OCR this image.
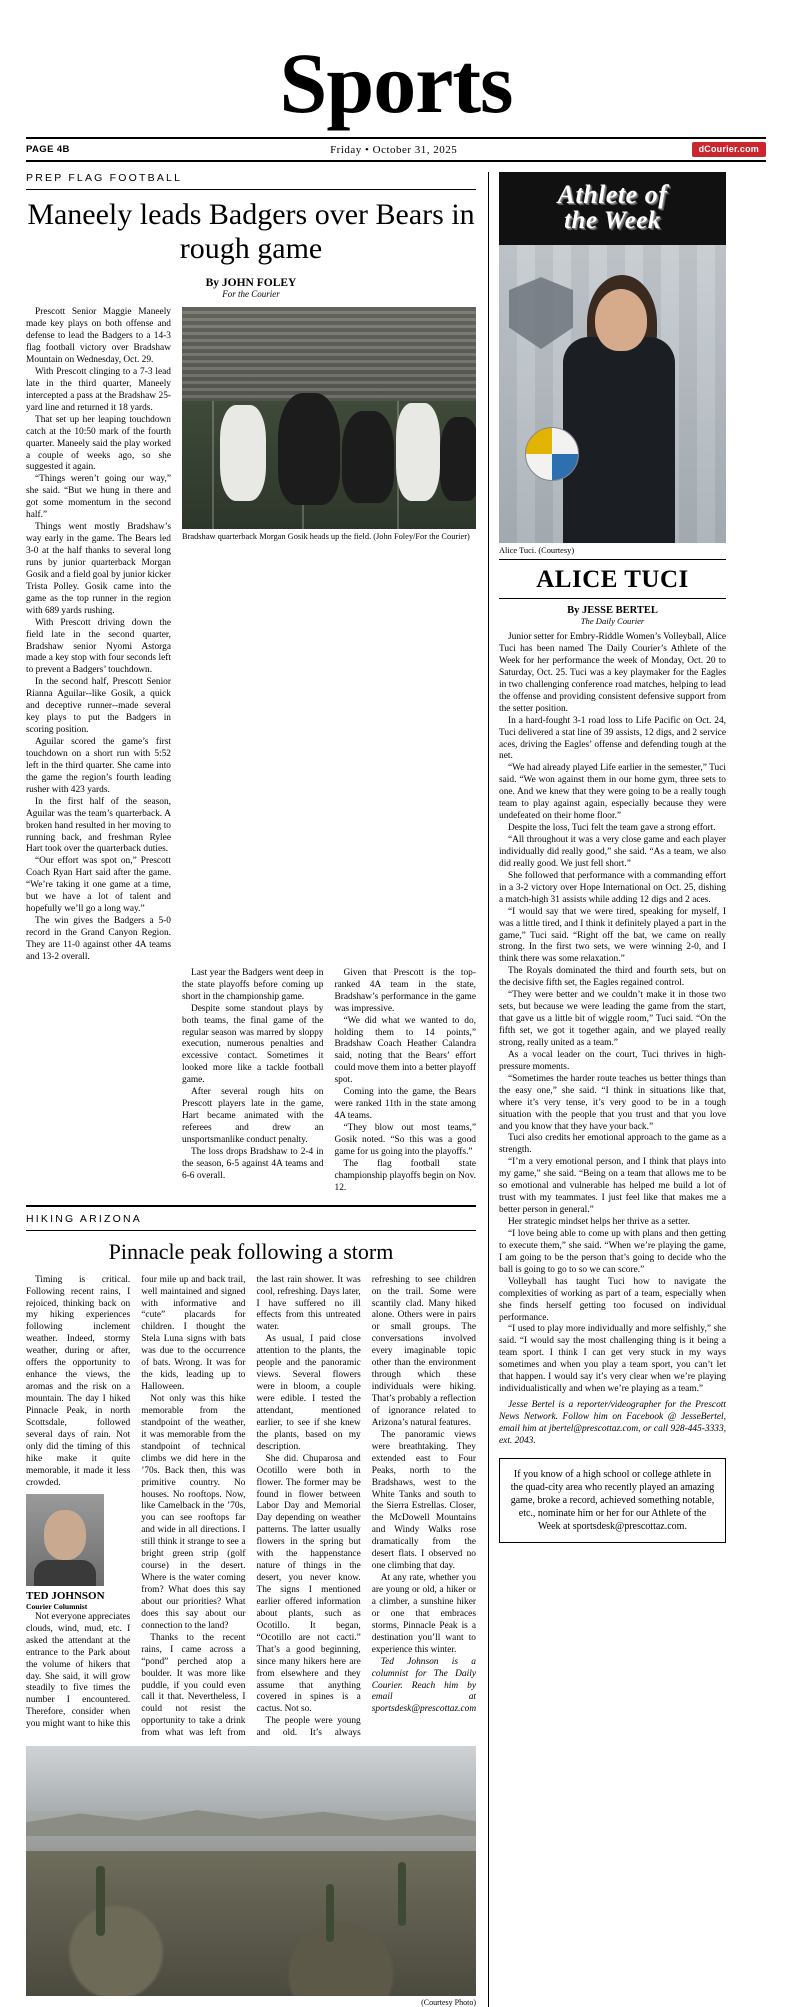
Sports
PAGE 4B	Friday • October 31, 2025	dCourier.com
PREP FLAG FOOTBALL
Maneely leads Badgers over Bears in rough game
By JOHN FOLEY
For the Courier

Prescott Senior Maggie Maneely made key plays on both offense and defense to lead the Badgers to a 14-3 flag football victory over Bradshaw Mountain on Wednesday, Oct. 29.

With Prescott clinging to a 7-3 lead late in the third quarter, Maneely intercepted a pass at the Bradshaw 25-yard line and returned it 18 yards.

That set up her leaping touchdown catch at the 10:50 mark of the fourth quarter. Maneely said the play worked a couple of weeks ago, so she suggested it again.

“Things weren’t going our way,” she said. “But we hung in there and got some momentum in the second half.”

Things went mostly Bradshaw’s way early in the game. The Bears led 3-0 at the half thanks to several long runs by junior quarterback Morgan Gosik and a field goal by junior kicker Trista Polley. Gosik came into the game as the top runner in the region with 689 yards rushing.

With Prescott driving down the field late in the second quarter, Bradshaw senior Nyomi Astorga made a key stop with four seconds left to prevent a Badgers’ touchdown.

In the second half, Prescott Senior Rianna Aguilar--like Gosik, a quick and deceptive runner--made several key plays to put the Badgers in scoring position.

Aguilar scored the game’s first touchdown on a short run with 5:52 left in the third quarter. She came into the game the region’s fourth leading rusher with 423 yards.

In the first half of the season, Aguilar was the team’s quarterback. A broken hand resulted in her moving to running back, and freshman Rylee Hart took over the quarterback duties.

“Our effort was spot on,” Prescott Coach Ryan Hart said after the game. “We’re taking it one game at a time, but we have a lot of talent and hopefully we’ll go a long way.”

The win gives the Badgers a 5-0 record in the Grand Canyon Region. They are 11-0 against other 4A teams and 13-2 overall.

Bradshaw quarterback Morgan Gosik heads up the field. (John Foley/For the Courier)

Last year the Badgers went deep in the state playoffs before coming up short in the championship game.

Despite some standout plays by both teams, the final game of the regular season was marred by sloppy execution, numerous penalties and excessive contact. Sometimes it looked more like a tackle football game.

After several rough hits on Prescott players late in the game, Hart became animated with the referees and drew an unsportsmanlike conduct penalty.

The loss drops Bradshaw to 2-4 in the season, 6-5 against 4A teams and 6-6 overall.

Given that Prescott is the top-ranked 4A team in the state, Bradshaw’s performance in the game was impressive.

“We did what we wanted to do, holding them to 14 points,” Bradshaw Coach Heather Calandra said, noting that the Bears’ effort could move them into a better playoff spot.

Coming into the game, the Bears were ranked 11th in the state among 4A teams.

“They blow out most teams,” Gosik noted. “So this was a good game for us going into the playoffs.”

The flag football state championship playoffs begin on Nov. 12.

HIKING ARIZONA
Pinnacle peak following a storm

Timing is critical. Following recent rains, I rejoiced, thinking back on my hiking experiences following inclement weather. Indeed, stormy weather, during or after, offers the opportunity to enhance the views, the aromas and the risk on a mountain. The day I hiked Pinnacle Peak, in north Scottsdale, followed several days of rain. Not only did the timing of this hike make it quite memorable, it made it less crowded.

TED JOHNSON
Courier Columnist

Not everyone appreciates clouds, wind, mud, etc. I asked the attendant at the entrance to the Park about the volume of hikers that day. She said, it will grow steadily to five times the number I encountered. Therefore, consider when you might want to hike this four mile up and back trail, well maintained and signed with informative and “cute” placards for children. I thought the Stela Luna signs with bats was due to the occurrence of bats. Wrong. It was for the kids, leading up to Halloween.

Not only was this hike memorable from the standpoint of the weather, it was memorable from the standpoint of technical climbs we did here in the ’70s. Back then, this was primitive country. No houses. No rooftops. Now, like Camelback in the ’70s, you can see rooftops far and wide in all directions. I still think it strange to see a bright green strip (golf course) in the desert. Where is the water coming from? What does this say about our priorities? What does this say about our connection to the land?

Thanks to the recent rains, I came across a “pond” perched atop a boulder. It was more like puddle, if you could even call it that. Nevertheless, I could not resist the opportunity to take a drink from what was left from the last rain shower. It was cool, refreshing. Days later, I have suffered no ill effects from this untreated water.

As usual, I paid close attention to the plants, the people and the panoramic views. Several flowers were in bloom, a couple were edible. I tested the attendant, mentioned earlier, to see if she knew the plants, based on my description.

She did. Chuparosa and Ocotillo were both in flower. The former may be found in flower between Labor Day and Memorial Day depending on weather patterns. The latter usually flowers in the spring but with the happenstance nature of things in the desert, you never know. The signs I mentioned earlier offered information about plants, such as Ocotillo. It began, “Ocotillo are not cacti.” That’s a good beginning, since many hikers here are from elsewhere and they assume that anything covered in spines is a cactus. Not so.

The people were young and old. It’s always refreshing to see children on the trail. Some were scantily clad. Many hiked alone. Others were in pairs or small groups. The conversations involved every imaginable topic other than the environment through which these individuals were hiking. That’s probably a reflection of ignorance related to Arizona’s natural features.

The panoramic views were breathtaking. They extended east to Four Peaks, north to the Bradshaws, west to the White Tanks and south to the Sierra Estrellas. Closer, the McDowell Mountains and Windy Walks rose dramatically from the desert flats. I observed no one climbing that day.

At any rate, whether you are young or old, a hiker or a climber, a sunshine hiker or one that embraces storms, Pinnacle Peak is a destination you’ll want to experience this winter.

Ted Johnson is a columnist for The Daily Courier. Reach him by email at sportsdesk@prescottaz.com

(Courtesy Photo)
Athlete of
the Week
Alice Tuci. (Courtesy)
ALICE TUCI
By JESSE BERTEL
The Daily Courier

Junior setter for Embry-Riddle Women’s Volleyball, Alice Tuci has been named The Daily Courier’s Athlete of the Week for her performance the week of Monday, Oct. 20 to Saturday, Oct. 25. Tuci was a key playmaker for the Eagles in two challenging conference road matches, helping to lead the offense and providing consistent defensive support from the setter position.

In a hard-fought 3-1 road loss to Life Pacific on Oct. 24, Tuci delivered a stat line of 39 assists, 12 digs, and 2 service aces, driving the Eagles’ offense and defending tough at the net.

“We had already played Life earlier in the semester,” Tuci said. “We won against them in our home gym, three sets to one. And we knew that they were going to be a really tough team to play against again, especially because they were undefeated on their home floor.”

Despite the loss, Tuci felt the team gave a strong effort.

“All throughout it was a very close game and each player individually did really good,” she said. “As a team, we also did really good. We just fell short.”

She followed that performance with a commanding effort in a 3-2 victory over Hope International on Oct. 25, dishing a match-high 31 assists while adding 12 digs and 2 aces.

“I would say that we were tired, speaking for myself, I was a little tired, and I think it definitely played a part in the game,” Tuci said. “Right off the bat, we came on really strong. In the first two sets, we were winning 2-0, and I think there was some relaxation.”

The Royals dominated the third and fourth sets, but on the decisive fifth set, the Eagles regained control.

“They were better and we couldn’t make it in those two sets, but because we were leading the game from the start, that gave us a little bit of wiggle room,” Tuci said. “On the fifth set, we got it together again, and we played really strong, really united as a team.”

As a vocal leader on the court, Tuci thrives in high-pressure moments.

“Sometimes the harder route teaches us better things than the easy one,” she said. “I think in situations like that, where it’s very tense, it’s very good to be in a tough situation with the people that you trust and that you love and you know that they have your back.”

Tuci also credits her emotional approach to the game as a strength.

“I’m a very emotional person, and I think that plays into my game,” she said. “Being on a team that allows me to be so emotional and vulnerable has helped me build a lot of trust with my teammates. I just feel like that makes me a better person in general.”

Her strategic mindset helps her thrive as a setter.

“I love being able to come up with plans and then getting to execute them,” she said. “When we’re playing the game, I am going to be the person that’s going to decide who the ball is going to go to so we can score.”

Volleyball has taught Tuci how to navigate the complexities of working as part of a team, especially when she finds herself getting too focused on individual performance.

“I used to play more individually and more selfishly,” she said. “I would say the most challenging thing is it being a team sport. I think I can get very stuck in my ways sometimes and when you play a team sport, you can’t let that happen. I would say it’s very clear when we’re playing individualistically and when we’re playing as a team.”

Jesse Bertel is a reporter/videographer for the Prescott News Network. Follow him on Facebook @ JesseBertel, email him at jbertel@prescottaz.com, or call 928-445-3333, ext. 2043.

If you know of a high school or college athlete in the quad-city area who recently played an amazing game, broke a record, achieved something notable, etc., nominate him or her for our Athlete of the Week at sportsdesk@prescottaz.com.
